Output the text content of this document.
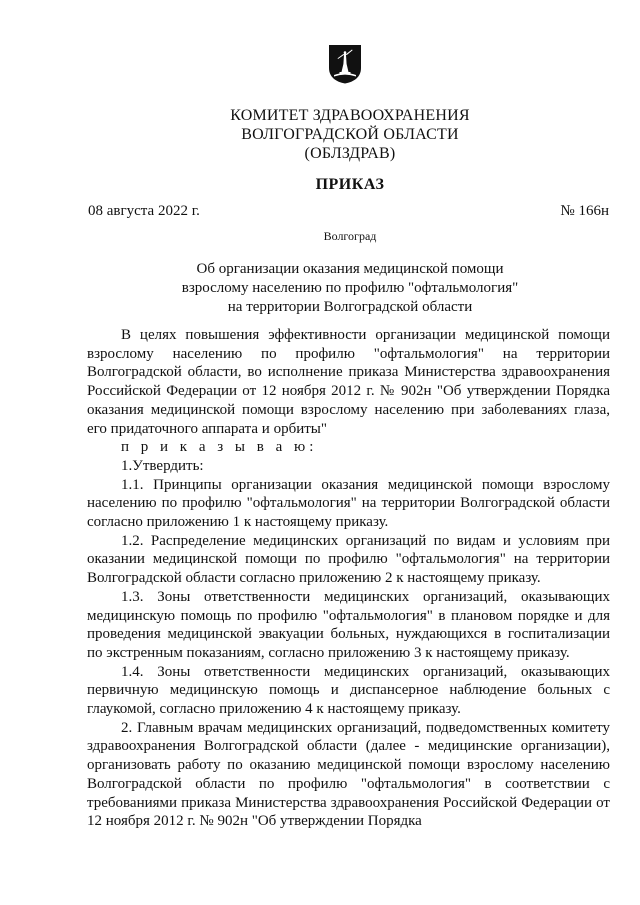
КОМИТЕТ ЗДРАВООХРАНЕНИЯ
ВОЛГОГРАДСКОЙ ОБЛАСТИ
(ОБЛЗДРАВ)
ПРИКАЗ
08 августа 2022 г.	№ 166н
Волгоград
Об организации оказания медицинской помощи
взрослому населению по профилю "офтальмология"
на территории Волгоградской области

В целях повышения эффективности организации медицинской помощи взрослому населению по профилю "офтальмология" на территории Волгоградской области, во исполнение приказа Министерства здравоохранения Российской Федерации от 12 ноября 2012 г. № 902н "Об утверждении Порядка оказания медицинской помощи взрослому населению при заболеваниях глаза, его придаточного аппарата и орбиты"

п р и к а з ы в а ю:

1.Утвердить:

1.1. Принципы организации оказания медицинской помощи взрослому населению по профилю "офтальмология" на территории Волгоградской области согласно приложению 1 к настоящему приказу.

1.2. Распределение медицинских организаций по видам и условиям при оказании медицинской помощи по профилю "офтальмология" на территории Волгоградской области согласно приложению 2 к настоящему приказу.

1.3. Зоны ответственности медицинских организаций, оказывающих медицинскую помощь по профилю "офтальмология" в плановом порядке и для проведения медицинской эвакуации больных, нуждающихся в госпитализации по экстренным показаниям, согласно приложению 3 к настоящему приказу.

1.4. Зоны ответственности медицинских организаций, оказывающих первичную медицинскую помощь и диспансерное наблюдение больных с глаукомой, согласно приложению 4 к настоящему приказу.

2. Главным врачам медицинских организаций, подведомственных комитету здравоохранения Волгоградской области (далее - медицинские организации), организовать работу по оказанию медицинской помощи взрослому населению Волгоградской области по профилю "офтальмология" в соответствии с требованиями приказа Министерства здравоохранения Российской Федерации от 12 ноября 2012 г. № 902н "Об утверждении Порядка
